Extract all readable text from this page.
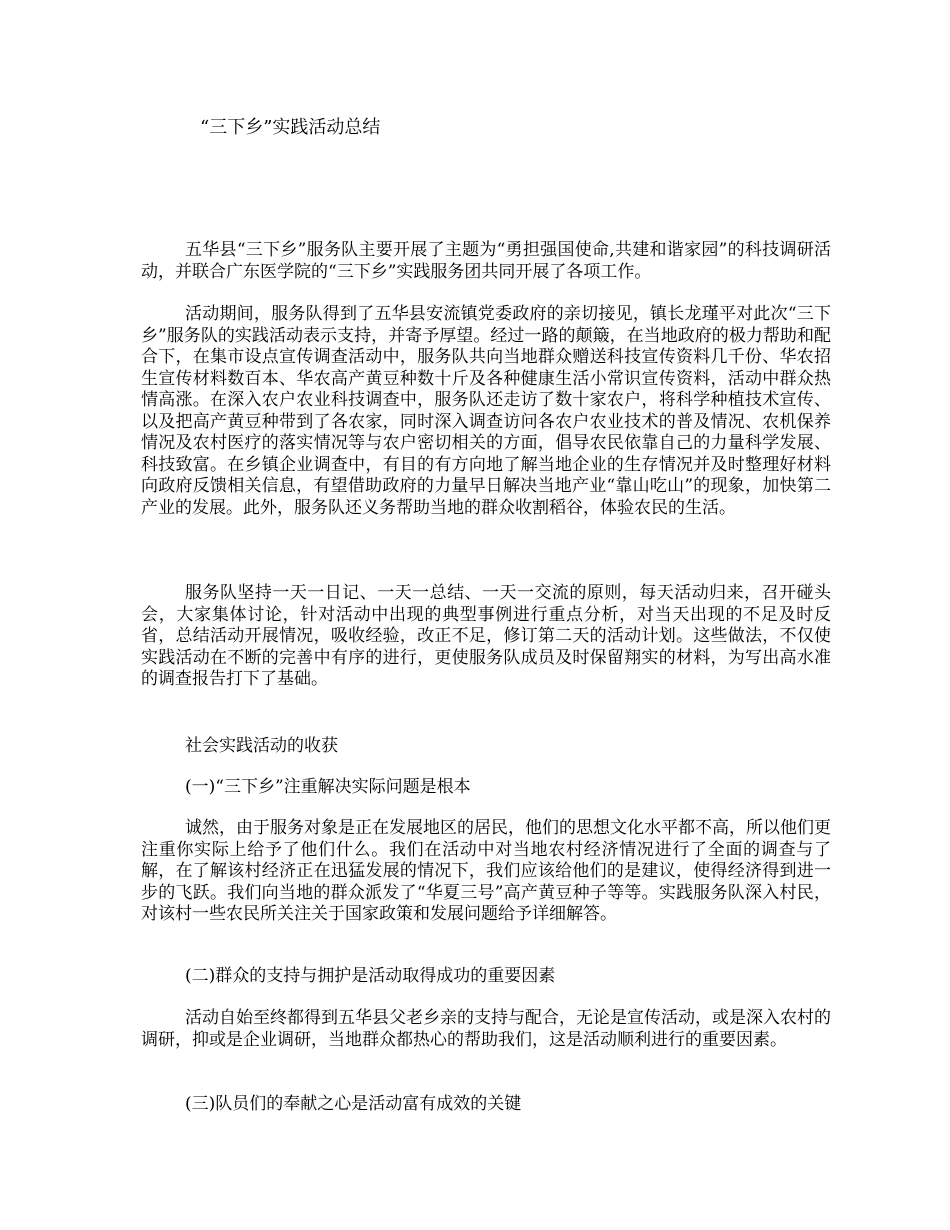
“三下乡”实践活动总结

五华县“三下乡”服务队主要开展了主题为“勇担强国使命,共建和谐家园”的科技调研活动，并联合广东医学院的“三下乡”实践服务团共同开展了各项工作。

活动期间，服务队得到了五华县安流镇党委政府的亲切接见，镇长龙瑾平对此次“三下乡”服务队的实践活动表示支持，并寄予厚望。经过一路的颠簸，在当地政府的极力帮助和配合下，在集市设点宣传调查活动中，服务队共向当地群众赠送科技宣传资料几千份、华农招生宣传材料数百本、华农高产黄豆种数十斤及各种健康生活小常识宣传资料，活动中群众热情高涨。在深入农户农业科技调查中，服务队还走访了数十家农户，将科学种植技术宣传、以及把高产黄豆种带到了各农家，同时深入调查访问各农户农业技术的普及情况、农机保养情况及农村医疗的落实情况等与农户密切相关的方面，倡导农民依靠自己的力量科学发展、科技致富。在乡镇企业调查中，有目的有方向地了解当地企业的生存情况并及时整理好材料向政府反馈相关信息，有望借助政府的力量早日解决当地产业“靠山吃山”的现象，加快第二产业的发展。此外，服务队还义务帮助当地的群众收割稻谷，体验农民的生活。

服务队坚持一天一日记、一天一总结、一天一交流的原则，每天活动归来，召开碰头会，大家集体讨论，针对活动中出现的典型事例进行重点分析，对当天出现的不足及时反省，总结活动开展情况，吸收经验，改正不足，修订第二天的活动计划。这些做法，不仅使实践活动在不断的完善中有序的进行，更使服务队成员及时保留翔实的材料，为写出高水准的调查报告打下了基础。

社会实践活动的收获
(一)“三下乡”注重解决实际问题是根本

诚然，由于服务对象是正在发展地区的居民，他们的思想文化水平都不高，所以他们更注重你实际上给予了他们什么。我们在活动中对当地农村经济情况进行了全面的调查与了解，在了解该村经济正在迅猛发展的情况下，我们应该给他们的是建议，使得经济得到进一步的飞跃。我们向当地的群众派发了“华夏三号”高产黄豆种子等等。实践服务队深入村民，对该村一些农民所关注关于国家政策和发展问题给予详细解答。

(二)群众的支持与拥护是活动取得成功的重要因素

活动自始至终都得到五华县父老乡亲的支持与配合，无论是宣传活动，或是深入农村的调研，抑或是企业调研，当地群众都热心的帮助我们，这是活动顺利进行的重要因素。

(三)队员们的奉献之心是活动富有成效的关键
